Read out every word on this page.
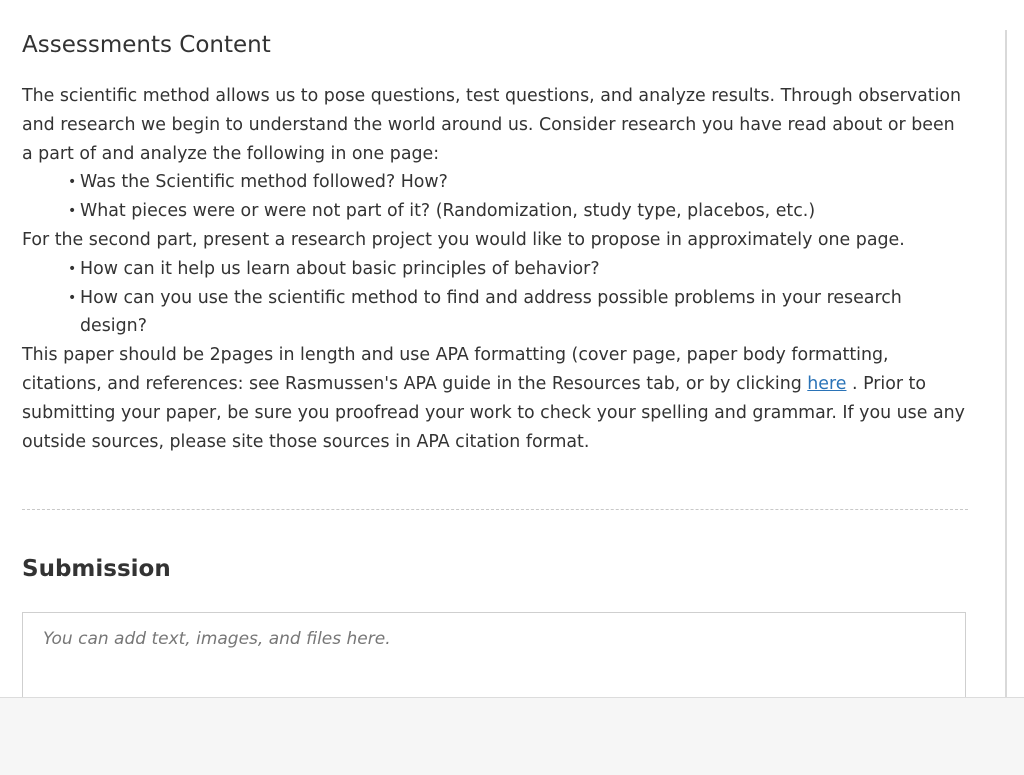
Assessments Content

The scientific method allows us to pose questions, test questions, and analyze results. Through observation and research we begin to understand the world around us. Consider research you have read about or been a part of and analyze the following in one page:

• Was the Scientific method followed? How?
• What pieces were or were not part of it? (Randomization, study type, placebos, etc.)

For the second part, present a research project you would like to propose in approximately one page.

• How can it help us learn about basic principles of behavior?
• How can you use the scientific method to find and address possible problems in your research design?

This paper should be 2pages in length and use APA formatting (cover page, paper body formatting, citations, and references: see Rasmussen's APA guide in the Resources tab, or by clicking here . Prior to submitting your paper, be sure you proofread your work to check your spelling and grammar. If you use any outside sources, please site those sources in APA citation format.

Submission
You can add text, images, and files here.
